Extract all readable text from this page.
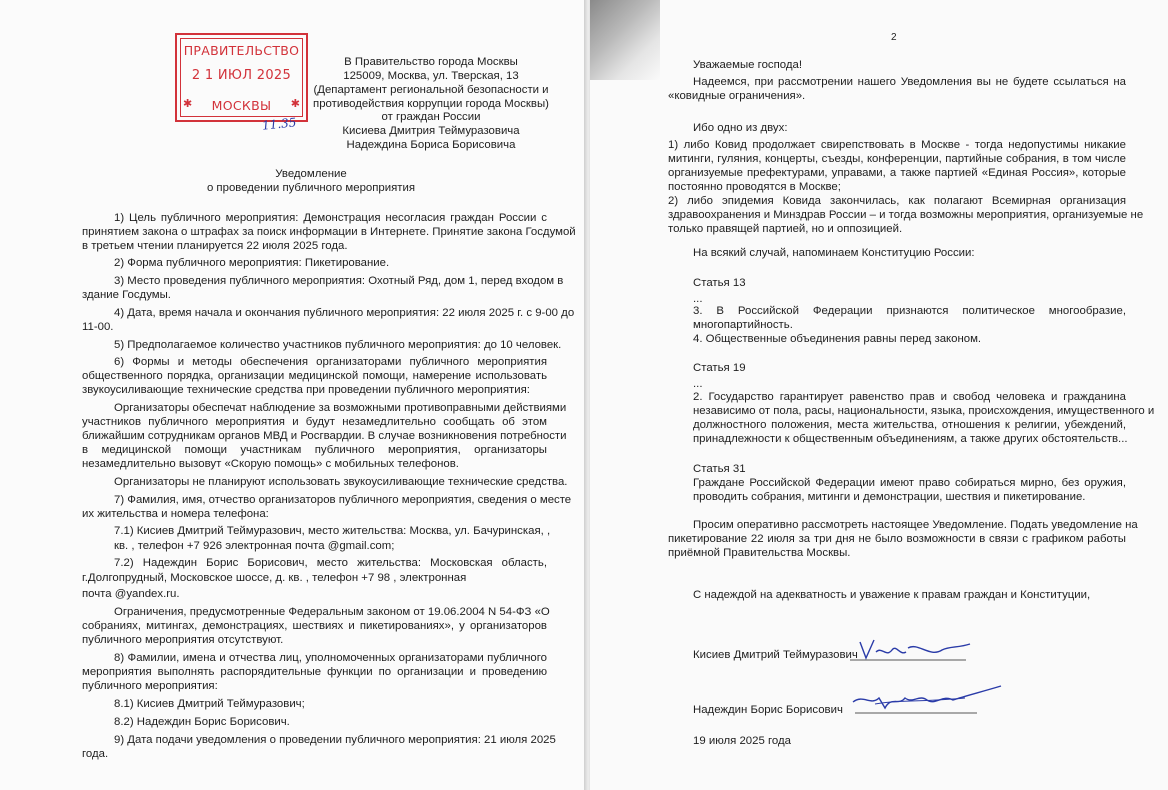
ПРАВИТЕЛЬСТВО
2 1 ИЮЛ 2025
✱	✱
МОСКВЫ
11.35
В Правительство города Москвы
125009, Москва, ул. Тверская, 13
(Департамент региональной безопасности и
противодействия коррупции города Москвы)
от граждан России
Кисиева Дмитрия Теймуразовича
Надеждина Бориса Борисовича
Уведомление
о проведении публичного мероприятия
1) Цель публичного мероприятия: Демонстрация несогласия граждан России с
принятием закона о штрафах за поиск информации в Интернете. Принятие закона Госдумой
в третьем чтении планируется 22 июля 2025 года.
2) Форма публичного мероприятия: Пикетирование.
3) Место проведения публичного мероприятия: Охотный Ряд, дом 1, перед входом в
здание Госдумы.
4) Дата, время начала и окончания публичного мероприятия: 22 июля 2025 г. с 9-00 до
11-00.
5) Предполагаемое количество участников публичного мероприятия: до 10 человек.
6) Формы и методы обеспечения организаторами публичного мероприятия
общественного порядка, организации медицинской помощи, намерение использовать
звукоусиливающие технические средства при проведении публичного мероприятия:
Организаторы обеспечат наблюдение за возможными противоправными действиями
участников публичного мероприятия и будут незамедлительно сообщать об этом
ближайшим сотрудникам органов МВД и Росгвардии. В случае возникновения потребности
в медицинской помощи участникам публичного мероприятия, организаторы
незамедлительно вызовут «Скорую помощь» с мобильных телефонов.
Организаторы не планируют использовать звукоусиливающие технические средства.
7) Фамилия, имя, отчество организаторов публичного мероприятия, сведения о месте
их жительства и номера телефона:
7.1) Кисиев Дмитрий Теймуразович, место жительства: Москва, ул. Бачуринская, ,
кв. , телефон +7 926 электронная почта @gmail.com;
7.2) Надеждин Борис Борисович, место жительства: Московская область,
г.Долгопрудный, Московское шоссе, д. кв. , телефон +7 98 , электронная
почта @yandex.ru.
Ограничения, предусмотренные Федеральным законом от 19.06.2004 N 54-ФЗ «О
собраниях, митингах, демонстрациях, шествиях и пикетированиях», у организаторов
публичного мероприятия отсутствуют.
8) Фамилии, имена и отчества лиц, уполномоченных организаторами публичного
мероприятия выполнять распорядительные функции по организации и проведению
публичного мероприятия:
8.1) Кисиев Дмитрий Теймуразович;
8.2) Надеждин Борис Борисович.
9) Дата подачи уведомления о проведении публичного мероприятия: 21 июля 2025
года.
2
Уважаемые господа!
Надеемся, при рассмотрении нашего Уведомления вы не будете ссылаться на
«ковидные ограничения».
Ибо одно из двух:
1) либо Ковид продолжает свирепствовать в Москве - тогда недопустимы никакие
митинги, гуляния, концерты, съезды, конференции, партийные собрания, в том числе
организуемые префектурами, управами, а также партией «Единая Россия», которые
постоянно проводятся в Москве;
2) либо эпидемия Ковида закончилась, как полагают Всемирная организация
здравоохранения и Минздрав России – и тогда возможны мероприятия, организуемые не
только правящей партией, но и оппозицией.
На всякий случай, напоминаем Конституцию России:
Статья 13
...
3. В Российской Федерации признаются политическое многообразие,
многопартийность.
4. Общественные объединения равны перед законом.
Статья 19
...
2. Государство гарантирует равенство прав и свобод человека и гражданина
независимо от пола, расы, национальности, языка, происхождения, имущественного и
должностного положения, места жительства, отношения к религии, убеждений,
принадлежности к общественным объединениям, а также других обстоятельств...
Статья 31
Граждане Российской Федерации имеют право собираться мирно, без оружия,
проводить собрания, митинги и демонстрации, шествия и пикетирование.
Просим оперативно рассмотреть настоящее Уведомление. Подать уведомление на
пикетирование 22 июля за три дня не было возможности в связи с графиком работы
приёмной Правительства Москвы.
С надеждой на адекватность и уважение к правам граждан и Конституции,
Кисиев Дмитрий Теймуразович
Надеждин Борис Борисович
19 июля 2025 года
